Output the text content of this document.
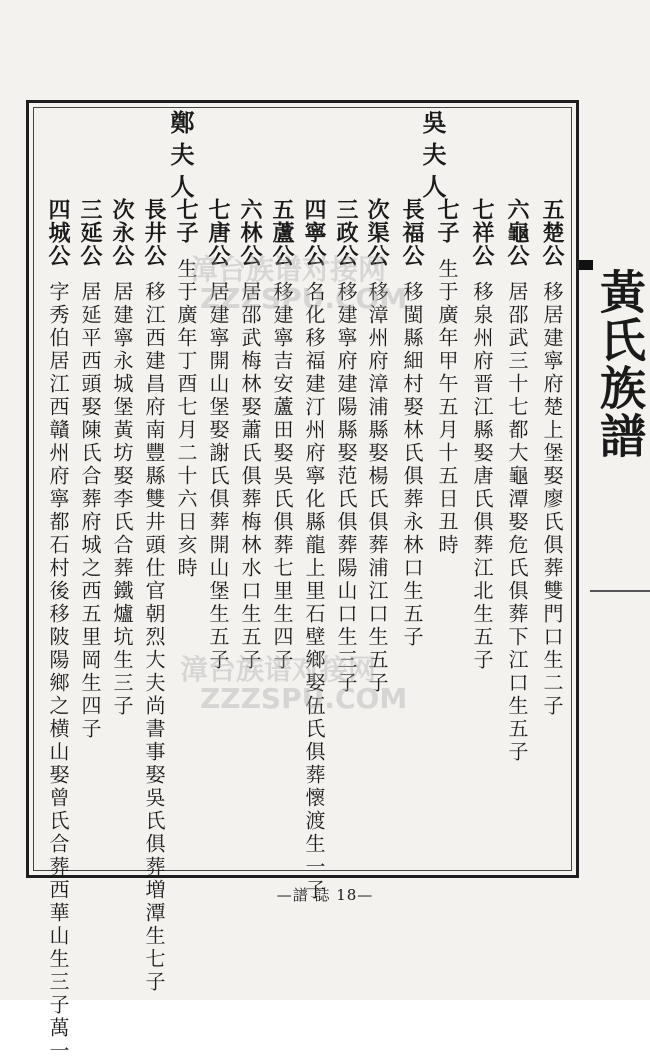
黃氏族譜
吳夫人
鄭夫人
五楚公移居建寧府楚上堡娶廖氏俱葬雙門口生二子
六龜公居邵武三十七都大龜潭娶危氏俱葬下江口生五子
七祥公移泉州府晋江縣娶唐氏俱葬江北生五子
七子生于廣年甲午五月十五日丑時
長福公移閩縣細村娶林氏俱葬永林口生五子
次渠公移漳州府漳浦縣娶楊氏俱葬浦江口生五子
三政公移建寧府建陽縣娶范氏俱葬陽山口生三子
四寧公名化移福建汀州府寧化縣龍上里石壁鄉娶伍氏俱葬懷渡生一子
五蘆公移建寧吉安蘆田娶吳氏俱葬七里生四子
六林公居邵武梅林娶蕭氏俱葬梅林水口生五子
七唐公居建寧開山堡娶謝氏俱葬開山堡生五子
七子生于廣年丁酉七月二十六日亥時
長井公移江西建昌府南豐縣雙井頭仕官朝烈大夫尚書事娶吳氏俱葬増潭生七子
次永公居建寧永城堡黃坊娶李氏合葬鐵爐坑生三子
三延公居延平西頭娶陳氏合葬府城之西五里岡生四子
四城公字秀伯居江西贛州府寧都石村後移陂陽鄉之横山娶曾氏合葬西華山生三子萬一
漳台族谱对接网
ZZZSPU.COM
漳台族谱对接网
ZZZSPU.COM
—譜 誌 18—
